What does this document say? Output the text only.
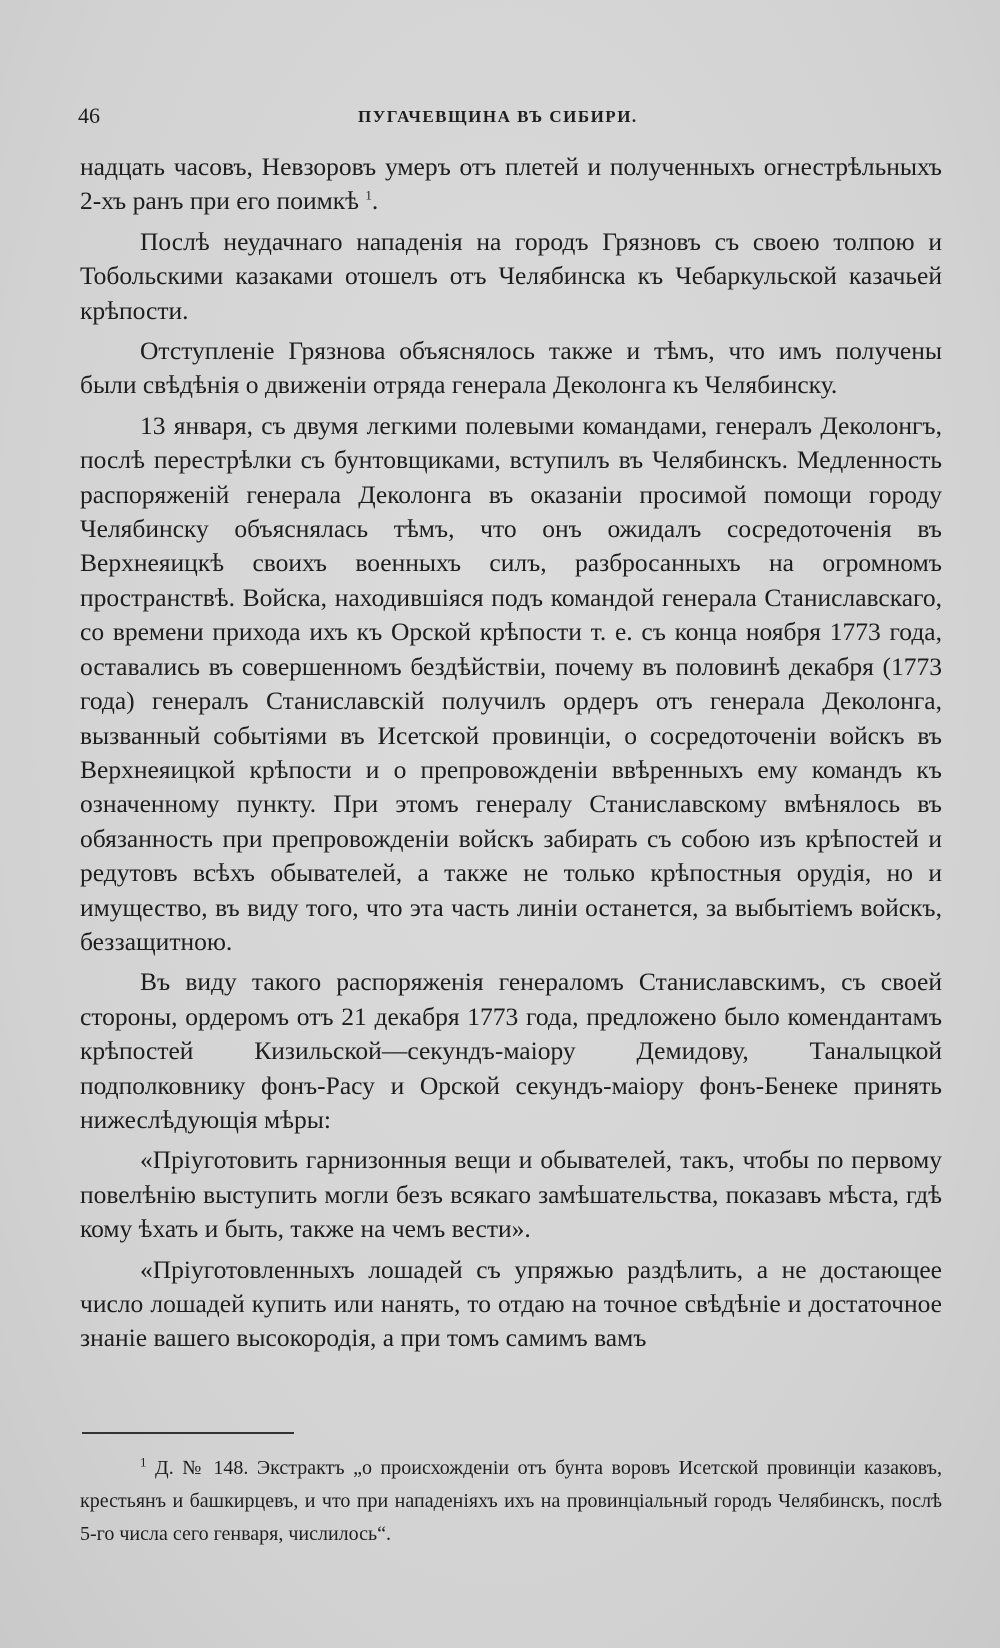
46	ПУГАЧЕВЩИНА ВЪ СИБИРИ.

надцать часовъ, Невзоровъ умеръ отъ плетей и полученныхъ огнестрѣльныхъ 2-хъ ранъ при его поимкѣ $^1$.

Послѣ неудачнаго нападенія на городъ Грязновъ съ своею толпою и Тобольскими казаками отошелъ отъ Челябинска къ Чебаркульской казачьей крѣпости.

Отступленіе Грязнова объяснялось также и тѣмъ, что имъ получены были свѣдѣнія о движеніи отряда генерала Деколонга къ Челябинску.

13 января, съ двумя легкими полевыми командами, генералъ Деколонгъ, послѣ перестрѣлки съ бунтовщиками, вступилъ въ Челябинскъ. Медленность распоряженій генерала Деколонга въ оказаніи просимой помощи городу Челябинску объяснялась тѣмъ, что онъ ожидалъ сосредоточенія въ Верхнеяицкѣ своихъ военныхъ силъ, разбросанныхъ на огромномъ пространствѣ. Войска, находившіяся подъ командой генерала Станиславскаго, со времени прихода ихъ къ Орской крѣпости т. е. съ конца ноября 1773 года, оставались въ совершенномъ бездѣйствіи, почему въ половинѣ декабря (1773 года) генералъ Станиславскій получилъ ордеръ отъ генерала Деколонга, вызванный событіями въ Исетской провинціи, о сосредоточеніи войскъ въ Верхнеяицкой крѣпости и о препровожденіи ввѣренныхъ ему командъ къ означенному пункту. При этомъ генералу Станиславскому вмѣнялось въ обязанность при препровожденіи войскъ забирать съ собою изъ крѣпостей и редутовъ всѣхъ обывателей, а также не только крѣпостныя орудія, но и имущество, въ виду того, что эта часть линіи останется, за выбытіемъ войскъ, беззащитною.

Въ виду такого распоряженія генераломъ Станиславскимъ, съ своей стороны, ордеромъ отъ 21 декабря 1773 года, предложено было комендантамъ крѣпостей Кизильской—секундъ-маіору Демидову, Таналыцкой подполковнику фонъ-Расу и Орской секундъ-маіору фонъ-Бенеке принять нижеслѣдующія мѣры:

«Пріуготовить гарнизонныя вещи и обывателей, такъ, чтобы по первому повелѣнію выступить могли безъ всякаго замѣшательства, показавъ мѣста, гдѣ кому ѣхать и быть, также на чемъ вести».

«Пріуготовленныхъ лошадей съ упряжью раздѣлить, а не достающее число лошадей купить или нанять, то отдаю на точное свѣдѣніе и достаточное знаніе вашего высокородія, а при томъ самимъ вамъ

$^1$ Д. № 148. Экстрактъ „о происхожденіи отъ бунта воровъ Исетской провинціи казаковъ, крестьянъ и башкирцевъ, и что при нападеніяхъ ихъ на провинціальный городъ Челябинскъ, послѣ 5-го числа сего генваря, числилось“.
